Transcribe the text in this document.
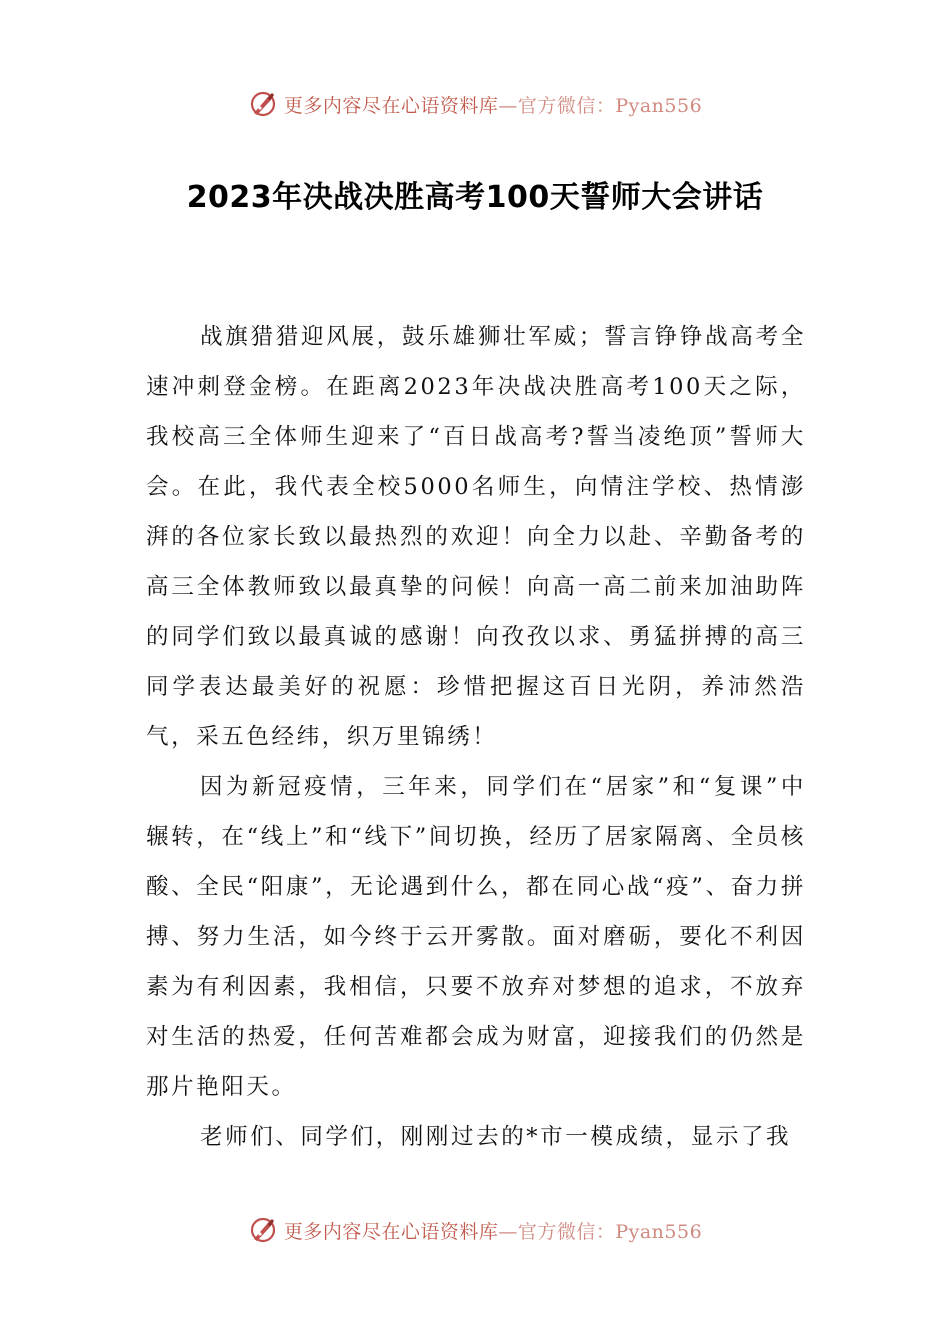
更多内容尽在心语资料库—官方微信：Pyan556
2023年决战决胜高考100天誓师大会讲话

战旗猎猎迎风展，鼓乐雄狮壮军威；誓言铮铮战高考全速冲刺登金榜。在距离2023年决战决胜高考100天之际，我校高三全体师生迎来了“百日战高考?誓当凌绝顶”誓师大会。在此，我代表全校5000名师生，向情注学校、热情澎湃的各位家长致以最热烈的欢迎！向全力以赴、辛勤备考的高三全体教师致以最真挚的问候！向高一高二前来加油助阵的同学们致以最真诚的感谢！向孜孜以求、勇猛拼搏的高三同学表达最美好的祝愿：珍惜把握这百日光阴，养沛然浩气，采五色经纬，织万里锦绣！

因为新冠疫情，三年来，同学们在“居家”和“复课”中辗转，在“线上”和“线下”间切换，经历了居家隔离、全员核酸、全民“阳康”，无论遇到什么，都在同心战“疫”、奋力拼搏、努力生活，如今终于云开雾散。面对磨砺，要化不利因素为有利因素，我相信，只要不放弃对梦想的追求，不放弃对生活的热爱，任何苦难都会成为财富，迎接我们的仍然是那片艳阳天。

老师们、同学们，刚刚过去的*市一模成绩，显示了我

更多内容尽在心语资料库—官方微信：Pyan556
